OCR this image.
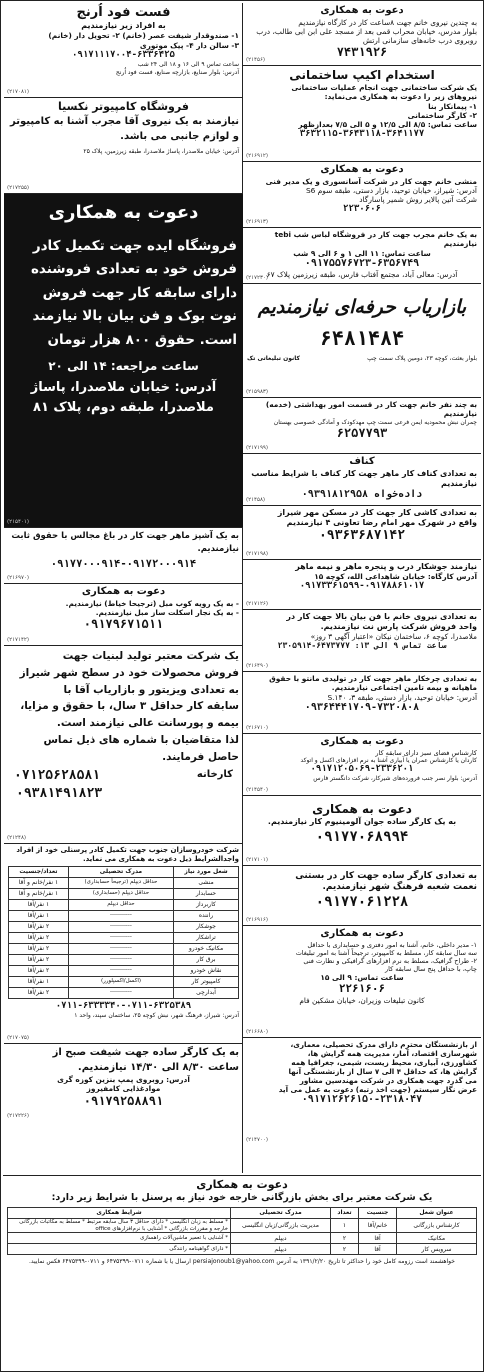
دعوت به همکاری
به چندین نیروی خانم جهت ۸ساعت کار در کارگاه نیازمندیم
بلوار مدرس، خیابان محراب قمی بعد از مسجد علی ابن ابی طالب، درب
روبروی درب خانه‌های سازمانی ارتش
۷۴۳۱۹۲۶
(۲۱۴۵۶)
استخدام اکیپ ساختمانی
یک شرکت ساختمانی جهت انجام عملیات ساختمانی
نیروهای زیر را دعوت به همکاری می‌نماید:
۱- پیمانکار بنا
۲- کارگر ساختمانی
ساعت تماس: ۸/۵ الی ۱۲/۵ و ۵ الی ۷/۵ بعدازظهر
۳۶۳۲۱۱۵-۳۶۴۳۱۱۸-۳۶۴۱۱۷۷
(۲۱۶۹۱۲)
دعوت به همکاری
منشی خانم جهت کار در شرکت آسانسوری و یک مدیر فنی
آدرس: شیراز، خیابان توحید، بازار دستی، طبقه سوم S6
شرکت آتین پالایر روش شمیر پاسارگاد
۲۲۳۰۶۰۶
(۲۱۶۹۱۳)
به یک خانم مجرب جهت کار در فروشگاه لباس شب tebi نیازمندیم
ساعت تماس: ۱۱ الی ۱ و ۶ الی ۹ شب
۰۹۱۷۵۵۷۶۷۲۳-۶۳۵۶۷۴۹
آدرس: معالی آباد، مجتمع آفتاب فارس، طبقه زیرزمین پلاک ۶۷
(۲۱۷۲۳۰)
بازاریاب حرفه‌ای نیازمندیم
۶۴۸۱۴۸۴
بلوار بعثت، کوچه ۲۳، دومین پلاک سمت چپ
کانون تبلیغاتی تک
(۲۱۵۹۸۳)
به چند نفر خانم جهت کار در قسمت امور بهداشتی (خدمه) نیازمندیم
چمران نبش محمودیه ایمن فرعی سمت چپ مهدکودک و آمادگی خصوصی بهستان
۶۲۵۷۷۹۳
(۲۱۷۱۹۹)
کناف
به تعدادی کناف کار ماهر جهت کار کناف با شرایط مناسب نیازمندیم
۰۹۳۹۱۸۱۲۹۵۸ داده‌خواه
(۲۱۴۵۸)
به تعدادی کاشی کار جهت کار در مسکن مهر شیراز
واقع در شهرک مهر امام رضا تعاونی ۴ نیازمندیم
۰۹۳۶۳۶۸۷۱۴۲
(۲۱۷۱۹۸)
نیازمند جوشکار درب و پنجره ماهر و نیمه ماهر
آدرس کارگاه: خیابان شاهداعی الله، کوچه ۱۵
۰۹۱۷۳۳۶۱۵۹۹-۰۹۱۷۸۸۶۱۰۱۷
(۲۱۷۱۲۶)
به تعدادی نیروی خانم با فن بیان بالا جهت کار در
واحد فروش شرکت پارس نت نیازمندیم.
ملاصدرا، کوچه ۶، ساختمان نیکان «اعتبار آگهی ۳ روز»
ساعت تماس ۹ الی ۱۳: ۶۴۷۳۷۷۷-۲۳۰۵۹۱۴
(۲۱۶۴۹۰)
به تعدادی چرخکار ماهر جهت کار در تولیدی مانتو با حقوق
ماهیانه و بیمه تامین اجتماعی نیازمندیم.
آدرس: خیابان توحید، بازار دستی، طبقه ۳، S.۱۴۰
۰۹۳۶۴۴۴۱۷۰۹-۷۳۲۰۸۰۸
(۲۱۶۷۱۰)
دعوت به همکاری
کارشناس فضای سبز دارای سابقه کار
کاردان یا کارشناس عمران یا آبیاری آشنا به نرم افزارهای اکسل و اتوکد
۰۹۱۷۱۲۰۵۰۶۹-۲۳۳۶۲۰۱
آدرس: بلوار نصر جنب فرورده‌های شیرکار، شرکت دانگستر فارس
(۲۱۴۵۴۰)
دعوت به همکاری
به یک کارگر ساده جوان آلومینیوم کار نیازمندیم.
۰۹۱۷۷۰۶۸۹۹۴
(۲۱۷۱۰۱)
به تعدادی کارگر ساده جهت کار در بستنی
نعمت شعبه فرهنگ شهر نیازمندیم.
۰۹۱۷۷۰۶۱۲۲۸
(۲۱۶۹۱۶)
دعوت به همکاری
۱- مدیر داخلی، خانم، آشنا به امور دفتری و حسابداری با حداقل
سه سال سابقه کار، مسلط به کامپیوتر، ترجیحاً آشنا به امور تبلیغات
۲- طراح گرافیک، مسلط به نرم افزارهای گرافیکی و نظارت فنی
چاپ، با حداقل پنج سال سابقه کار
ساعت تماس: ۹ الی ۱۵
۲۲۶۱۶۰۶
کانون تبلیغات وزیران، خیابان مشکین فام
(۲۱۶۶۸۰)
از بازنشستگان محترم دارای مدرک تحصیلی، معماری،
شهرسازی اقتصاد، آمار، مدیریت همه گرایش ها،
کشاورزی، آبیاری، محیط زیست، شیمی، جغرافیا همه
گرایش ها، که حداقل ۴ الی ۷ سال از بازنشستگی آنها
می گذرد جهت همکاری در شرکت مهندسین مشاور
عرض نگار سیستم (جهت اخذ رتبه) دعوت به عمل می آید
۰۹۱۷۱۲۶۲۶۱۵۰-۲۳۱۸۰۴۷
(۲۱۴۷۰۰)
فست فود اُرنج
به افراد زیر نیازمندیم
۱- صندوقدار شیفت عصر (خانم) ۲- تحویل دار (خانم)
۳- سالن دار ۴- پیک موتوری
۰۹۱۷۱۱۱۷۰۰۴-۶۳۳۶۴۲۵
ساعت تماس ۹ الی ۱۶ و ۱۸ الی ۲۴ شب
آدرس: بلوار صنایع، بازارچه صنایع، فست فود اُرنج
(۲۱۷۰۸۱)
فروشگاه کامپیوتر نکسیا
نیازمند به یک نیروی آقا مجرب آشنا به کامپیوتر و لوازم جانبی می باشد.
آدرس: خیابان ملاصدرا، پاساژ ملاصدرا، طبقه زیرزمین، پلاک ۲۵
(۲۱۷۲۵۵)
دعوت به همکاری
فروشگاه ایده جهت تکمیل کادر
فروش خود به تعدادی فروشنده
دارای سابقه کار جهت فروش
نوت بوک و فن بیان بالا نیازمند
است. حقوق ۸۰۰ هزار تومان
ساعت مراجعه: ۱۴ الی ۲۰
آدرس: خیابان ملاصدرا، پاساژ ملاصدرا، طبقه دوم، پلاک ۸۱
(۲۱۵۴۰۱)
به یک آشپز ماهر جهت کار در باغ مجالس با حقوق ثابت نیازمندیم.
۰۹۱۷۷۰۰۰۹۱۴-۰۹۱۷۲۰۰۰۹۱۴
(۲۱۶۹۷۰)
دعوت به همکاری
- به یک رویه کوب مبل (ترجیحا خیاط) نیازمندیم.
- به یک نجار اسکلت ساز مبل نیازمندیم.
۰۹۱۷۹۶۷۱۵۱۱
(۲۱۷۱۴۲)
یک شرکت معتبر تولید لبنیات جهت
فروش محصولات خود در سطح شهر شیراز
به تعدادی ویزیتور و بازاریاب آقا با
سابقه کار حداقل ۳ سال، با حقوق و مزایا،
بیمه و پورسانت عالی نیازمند است.
لذا متقاضیان با شماره های ذیل تماس
حاصل فرمایند.
کارخانه
۰۷۱۲۵۶۲۸۵۸۱
۰۹۳۸۱۴۹۱۸۲۳
(۲۱۲۴۸)
شرکت خودروسازان جنوب جهت تکمیل کادر پرسنلی خود از افراد واجدالشرایط ذیل دعوت به همکاری می نماید.
شغل مورد نیاز	مدرک تحصیلی	تعداد/جنسیت
منشی	حداقل دیپلم (ترجیحاً حسابداری)	۱ نفر/خانم و آقا
حسابدار	حداقل دیپلم (حسابداری)	۱ نفر/خانم و آقا
کاربرداز	حداقل دیپلم	۱ نفر/آقا
راننده	-----------	۱ نفر/آقا
جوشکار	-----------	۲ نفر/آقا
تراشکار	-----------	۲ نفر/آقا
مکانیک خودرو	-----------	۲ نفر/آقا
برق کار	-----------	۲ نفر/آقا
نقاش خودرو	-----------	۲ نفر/آقا
کامپیوتر کار	(اکسل/اکسپلورر)	۱ نفر/آقا
آبدارچی	-----------	۲ نفر/آقا
۰۷۱۱-۶۳۳۳۳۴۰-۰۷۱۱-۶۳۲۵۳۸۹
آدرس: شیراز، فرهنگ شهر، نبش کوچه ۲۵، ساختمان سپند، واحد ۱
(۲۱۷۰۷۵)
به یک کارگر ساده جهت شیفت صبح از
ساعت ۸/۳۰ الی ۱۴/۳۰ نیازمندیم.
آدرس: روبروی پمپ بنزین کوزه گری
موادغذایی کامفیروز
۰۹۱۷۹۲۵۸۸۹۱
(۲۱۷۲۲۶)
دعوت به همکاری
یک شرکت معتبر برای بخش بازرگانی خارجه خود نیاز به پرسنل با شرایط زیر دارد:
عنوان شغل	جنسیت	تعداد	مدرک تحصیلی	شرایط همکاری
کارشناس بازرگانی	خانم/آقا	۱	مدیریت بازرگانی/زبان انگلیسی	* مسلط به زبان انگلیسی * دارای حداقل ۳ سال سابقه مرتبط * مسلط به مکاتبات بازرگانی خارجه و مقررات بازرگانی * آشنایی با نرم‌افزارهای office
مکانیک	آقا	۲	دیپلم	* آشنایی با تعمیر ماشین‌آلات راهسازی
سرویس کار	آقا	۲	دیپلم	* دارای گواهینامه رانندگی
خواهشمند است رزومه کامل خود را حداکثر تا تاریخ ۱۳۹۱/۲/۲۰ به آدرس persiajonoub1@yahoo.com ارسال یا با شماره ۰۷۱۱-۶۴۷۵۳۹۹ و ۰۷۱۱-۶۴۷۵۳۹۹ فکس نمایید.
